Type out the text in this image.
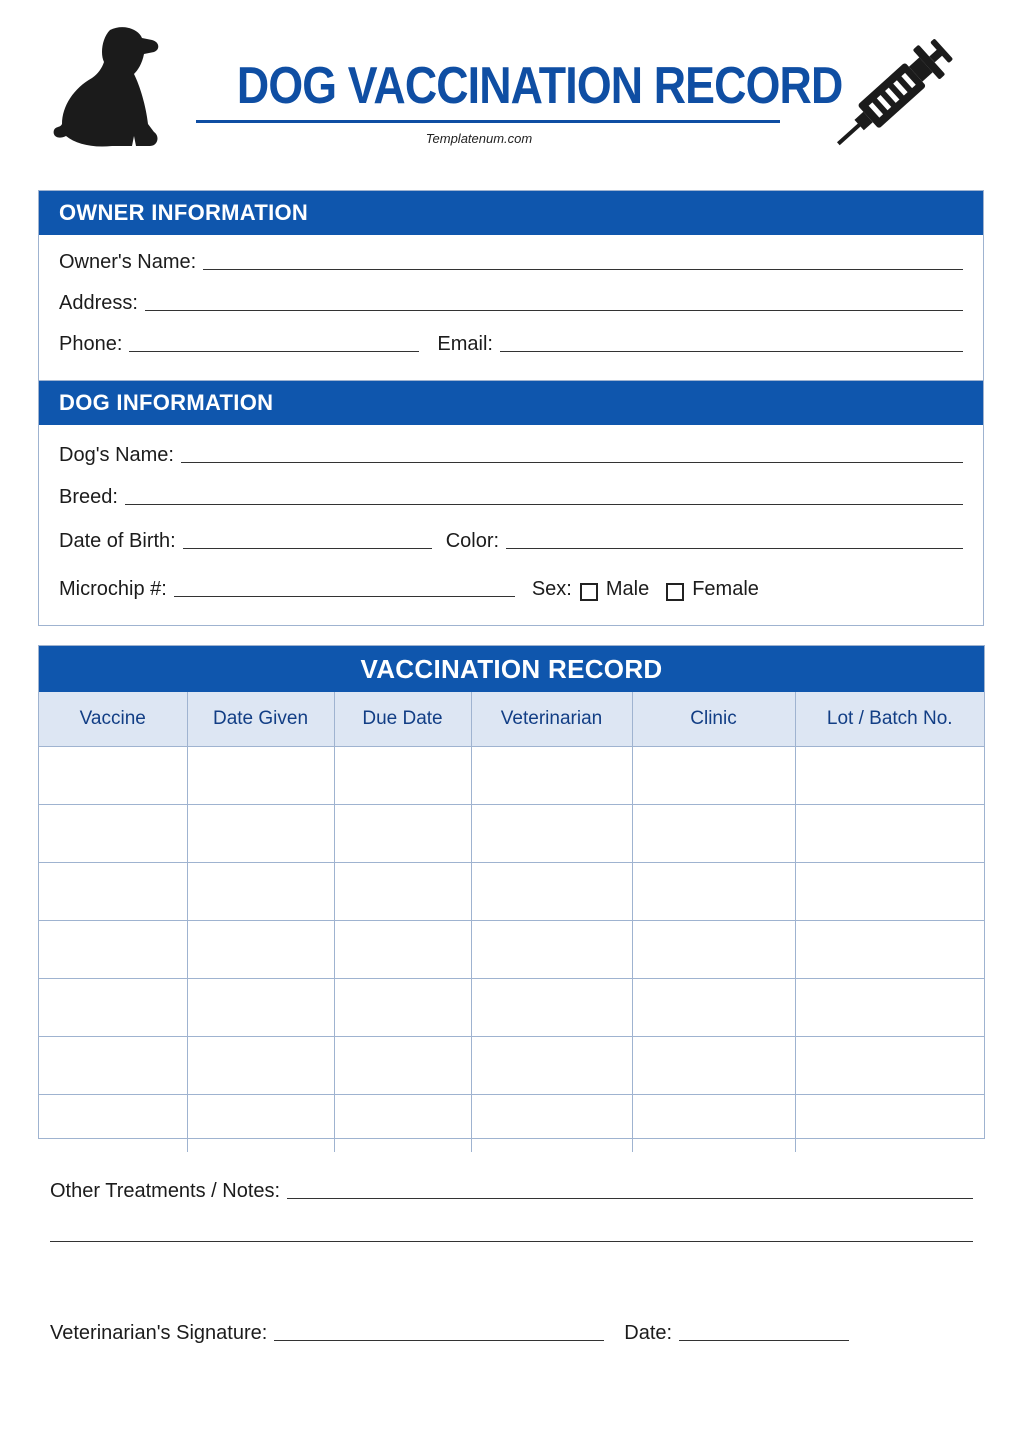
DOG VACCINATION RECORD
Templatenum.com
OWNER INFORMATION
Owner's Name:
Address:
Phone:	Email:
DOG INFORMATION
Dog's Name:
Breed:
Date of Birth:	Color:
Microchip #:	Sex: Male	Female
VACCINATION RECORD
Vaccine	Date Given	Due Date	Veterinarian	Clinic	Lot / Batch No.

Other Treatments / Notes:
Veterinarian's Signature:	Date:
